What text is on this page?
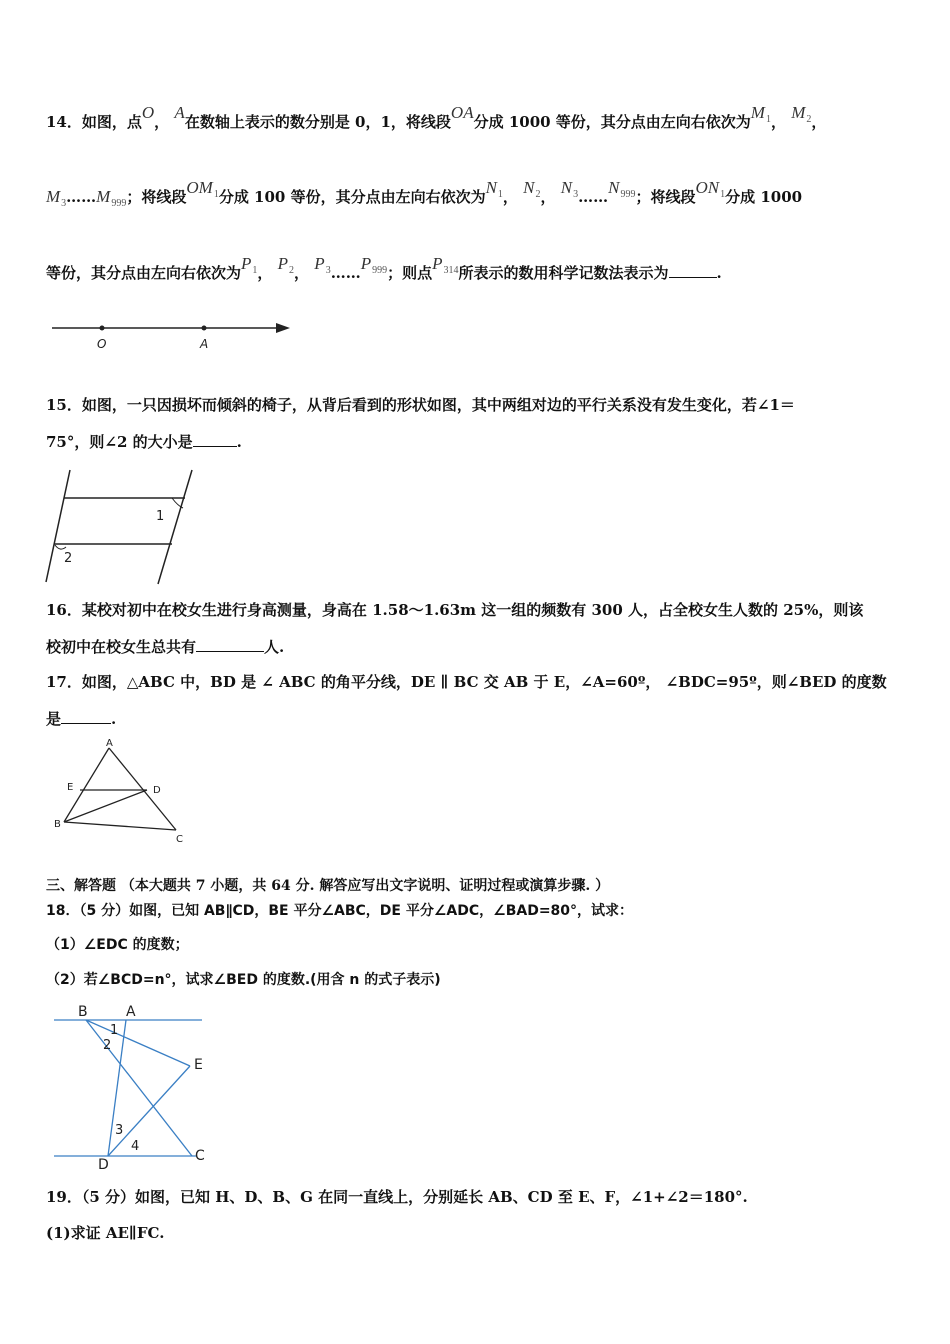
14．如图，点O， A在数轴上表示的数分别是 0，1，将线段OA分成 1000 等份，其分点由左向右依次为$M_1$， $M_2$，
$M_3\dots\dots M_{999}$；将线段$OM_1$分成 100 等份，其分点由左向右依次为$N_1$， $N_2$， $N_3\dots\dots N_{999}$；将线段$ON_1$分成 1000
等份，其分点由左向右依次为$P_1$， $P_2$， $P_3\dots\dots P_{999}$；则点$P_{314}$所表示的数用科学记数法表示为	.
O	A
15．如图，一只因损坏而倾斜的椅子，从背后看到的形状如图，其中两组对边的平行关系没有发生变化，若∠1＝
75°，则∠2 的大小是	.
1
2
16．某校对初中在校女生进行身高测量，身高在 1.58～1.63m 这一组的频数有 300 人，占全校女生人数的 25%，则该
校初中在校女生总共有	人.
17．如图，△ABC 中，BD 是 ∠ ABC 的角平分线，DE ∥ BC 交 AB 于 E，∠A=60º， ∠BDC=95º，则∠BED 的度数
是	.
A
E	D
B
C
三、解答题 （本大题共 7 小题，共 64 分. 解答应写出文字说明、证明过程或演算步骤. ）
18．（5 分）如图，已知 AB∥CD，BE 平分∠ABC，DE 平分∠ADC，∠BAD=80°，试求：
（1）∠EDC 的度数；
（2）若∠BCD=n°，试求∠BED 的度数.(用含 n 的式子表示)
B	A
1
2
E
3
4
D
C
19．（5 分）如图，已知 H、D、B、G 在同一直线上，分别延长 AB、CD 至 E、F，∠1+∠2＝180°.
(1)求证 AE∥FC.
